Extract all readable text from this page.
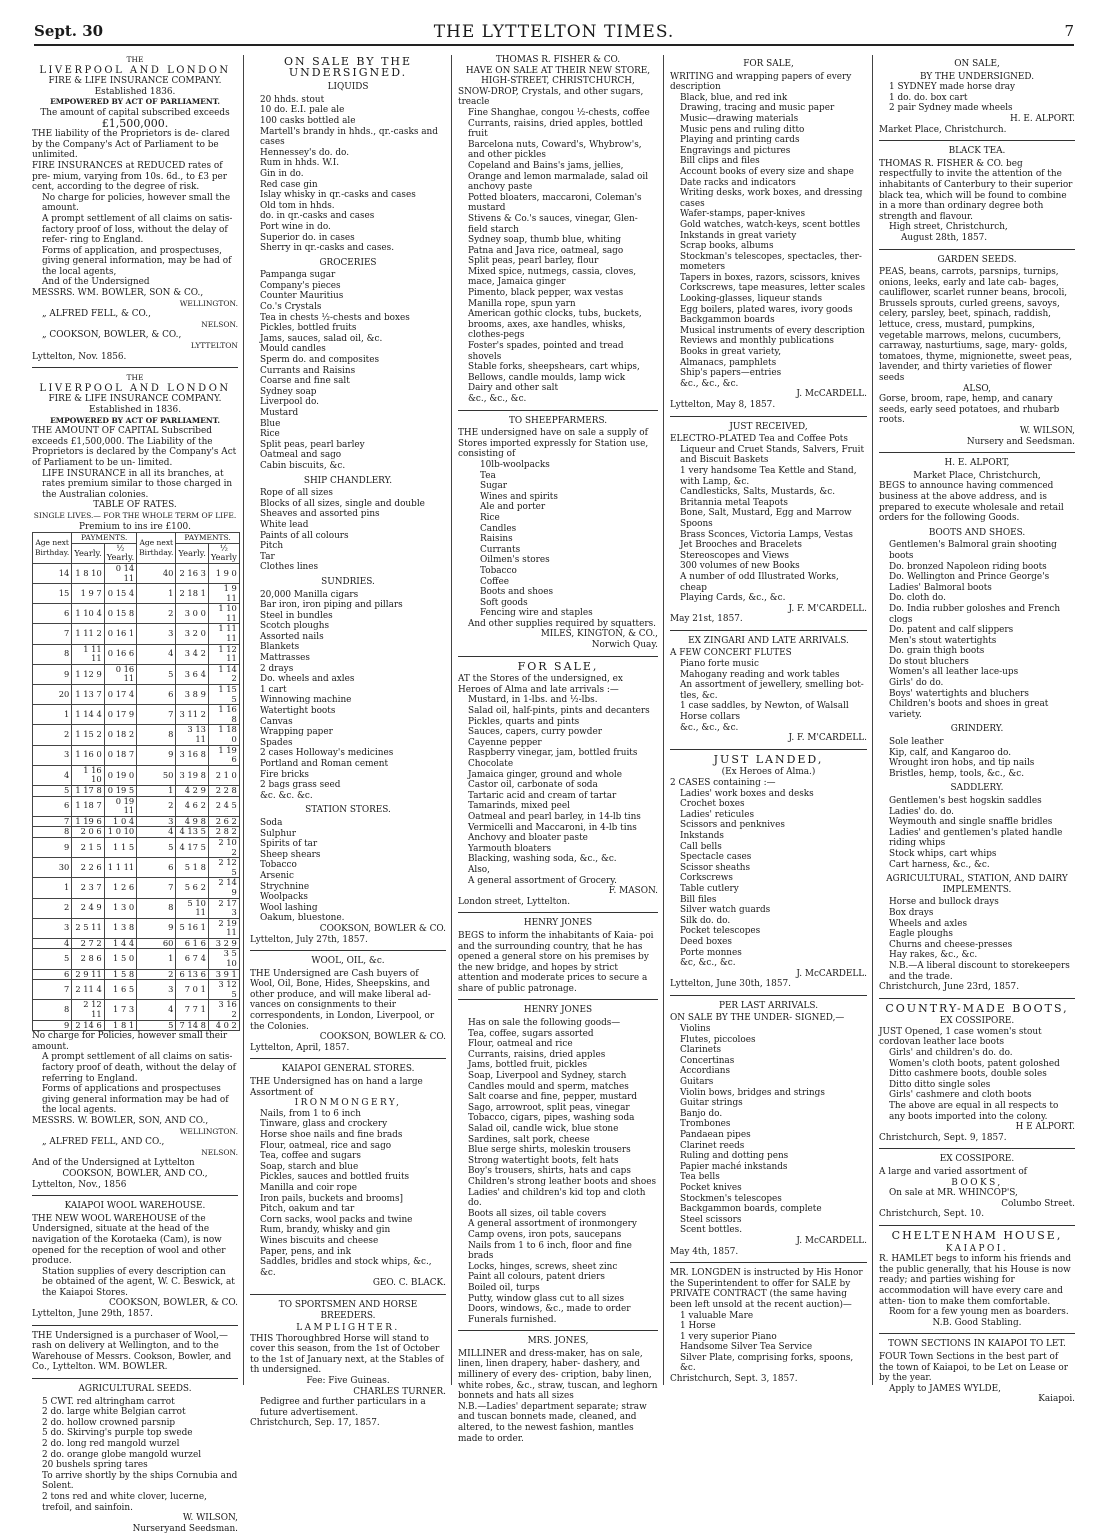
Sept. 30	THE LYTTELTON TIMES.	7

THE

LIVERPOOL AND LONDON

FIRE & LIFE INSURANCE COMPANY.

Established 1836.

EMPOWERED BY ACT OF PARLIAMENT.

The amount of capital subscribed exceeds

£1,500,000.

THE liability of the Proprietors is de- clared by the Company's Act of Parliament to be unlimited.

FIRE INSURANCES at REDUCED rates of pre- mium, varying from 10s. 6d., to £3 per cent, according to the degree of risk.

No charge for policies, however small the amount.

A prompt settlement of all claims on satis- factory proof of loss, without the delay of refer- ring to England.

Forms of application, and prospectuses, giving general information, may be had of the local agents,

And of the Undersigned

MESSRS. WM. BOWLER, SON & CO.,

WELLINGTON.

„ ALFRED FELL, & CO.,

NELSON.

„ COOKSON, BOWLER, & CO.,

LYTTELTON

Lyttelton, Nov. 1856.

THE

LIVERPOOL AND LONDON

FIRE & LIFE INSURANCE COMPANY.

Established in 1836.

EMPOWERED BY ACT OF PARLIAMENT.

THE AMOUNT OF CAPITAL Subscribed exceeds £1,500,000. The Liability of the Proprietors is declared by the Company's Act of Parliament to be un- limited.

LIFE INSURANCE in all its branches, at rates premium similar to those charged in the Australian colonies.

TABLE OF RATES.

SINGLE LIVES.— FOR THE WHOLE TERM OF LIFE.

Premium to ins ire £100.

Age next Birthday.	PAYMENTS.		Age next Birthday.	PAYMENTS.	
	Yearly.	½ Yearly.		Yearly.	½ Yearly
14	1 8 10	0 14 11	40	2 16 3	1 9 0
15	1 9 7	0 15 4	1	2 18 1	1 9 11
6	1 10 4	0 15 8	2	3 0 0	1 10 11
7	1 11 2	0 16 1	3	3 2 0	1 11 11
8	1 11 11	0 16 6	4	3 4 2	1 12 11
9	1 12 9	0 16 11	5	3 6 4	1 14 2
20	1 13 7	0 17 4	6	3 8 9	1 15 5
1	1 14 4	0 17 9	7	3 11 2	1 16 8
2	1 15 2	0 18 2	8	3 13 11	1 18 0
3	1 16 0	0 18 7	9	3 16 8	1 19 6
4	1 16 10	0 19 0	50	3 19 8	2 1 0
5	1 17 8	0 19 5	1	4 2 9	2 2 8
6	1 18 7	0 19 11	2	4 6 2	2 4 5
7	1 19 6	1 0 4	3	4 9 8	2 6 2
8	2 0 6	1 0 10	4	4 13 5	2 8 2
9	2 1 5	1 1 5	5	4 17 5	2 10 2
30	2 2 6	1 1 11	6	5 1 8	2 12 5
1	2 3 7	1 2 6	7	5 6 2	2 14 9
2	2 4 9	1 3 0	8	5 10 11	2 17 3
3	2 5 11	1 3 8	9	5 16 1	2 19 11
4	2 7 2	1 4 4	60	6 1 6	3 2 9
5	2 8 6	1 5 0	1	6 7 4	3 5 10
6	2 9 11	1 5 8	2	6 13 6	3 9 1
7	2 11 4	1 6 5	3	7 0 1	3 12 5
8	2 12 11	1 7 3	4	7 7 1	3 16 2
9	2 14 6	1 8 1	5	7 14 8	4 0 2

No charge for Policies, however small their amount.

A prompt settlement of all claims on satis- factory proof of death, without the delay of referring to England.

Forms of applications and prospectuses giving general information may be had of the local agents.

MESSRS. W. BOWLER, SON, AND CO.,

WELLINGTON.

„ ALFRED FELL, AND CO.,

NELSON.

And of the Undersigned at Lyttelton

COOKSON, BOWLER, AND CO.,

Lyttelton, Nov., 1856

KAIAPOI WOOL WAREHOUSE.

THE NEW WOOL WAREHOUSE of the Undersigned, situate at the head of the navigation of the Korotaeka (Cam), is now opened for the reception of wool and other produce.

Station supplies of every description can be obtained of the agent, W. C. Beswick, at the Kaiapoi Stores.

COOKSON, BOWLER, & CO.

Lyttelton, June 29th, 1857.

THE Undersigned is a purchaser of Wool,—rash on delivery at Wellington, and to the Warehouse of Messrs. Cookson, Bowler, and Co., Lyttelton. WM. BOWLER.

AGRICULTURAL SEEDS.

5 CWT. red altringham carrot

2 do. large white Belgian carrot

2 do. hollow crowned parsnip

5 do. Skirving's purple top swede

2 do. long red mangold wurzel

2 do. orange globe mangold wurzel

20 bushels spring tares

To arrive shortly by the ships Cornubia and Solent.

2 tons red and white clover, lucerne, trefoil, and sainfoin.

W. WILSON,

Nurseryand Seedsman.

ON SALE BY THE UNDERSIGNED.

LIQUIDS

20 hhds. stout

10 do. E.I. pale ale

100 casks bottled ale

Martell's brandy in hhds., qr.-casks and cases

Hennessey's do. do.

Rum in hhds. W.I.

Gin in do.

Red case gin

Islay whisky in qr.-casks and cases

Old tom in hhds.

do. in qr.-casks and cases

Port wine in do.

Superior do. in cases

Sherry in qr.-casks and cases.

GROCERIES

Pampanga sugar

Company's pieces

Counter Mauritius

Co.'s Crystals

Tea in chests ½-chests and boxes

Pickles, bottled fruits

Jams, sauces, salad oil, &c.

Mould candles

Sperm do. and composites

Currants and Raisins

Coarse and fine salt

Sydney soap

Liverpool do.

Mustard

Blue

Rice

Split peas, pearl barley

Oatmeal and sago

Cabin biscuits, &c.

SHIP CHANDLERY.

Rope of all sizes

Blocks of all sizes, single and double

Sheaves and assorted pins

White lead

Paints of all colours

Pitch

Tar

Clothes lines

SUNDRIES.

20,000 Manilla cigars

Bar iron, iron piping and pillars

Steel in bundles

Scotch ploughs

Assorted nails

Blankets

Mattrasses

2 drays

Do. wheels and axles

1 cart

Winnowing machine

Watertight boots

Canvas

Wrapping paper

Spades

2 cases Holloway's medicines

Portland and Roman cement

Fire bricks

2 bags grass seed

&c. &c. &c.

STATION STORES.

Soda

Sulphur

Spirits of tar

Sheep shears

Tobacco

Arsenic

Strychnine

Woolpacks

Wool lashing

Oakum, bluestone.

COOKSON, BOWLER & CO.

Lyttelton, July 27th, 1857.

WOOL, OIL, &c.

THE Undersigned are Cash buyers of Wool, Oil, Bone, Hides, Sheepskins, and other produce, and will make liberal ad- vances on consignments to their correspondents, in London, Liverpool, or the Colonies.

COOKSON, BOWLER & CO.

Lyttelton, April, 1857.

KAIAPOI GENERAL STORES.

THE Undersigned has on hand a large Assortment of

IRONMONGERY,

Nails, from 1 to 6 inch

Tinware, glass and crockery

Horse shoe nails and fine brads

Flour, oatmeal, rice and sago

Tea, coffee and sugars

Soap, starch and blue

Pickles, sauces and bottled fruits

Manilla and coir rope

Iron pails, buckets and brooms]

Pitch, oakum and tar

Corn sacks, wool packs and twine

Rum, brandy, whisky and gin

Wines biscuits and cheese

Paper, pens, and ink

Saddles, bridles and stock whips, &c., &c.

GEO. C. BLACK.

TO SPORTSMEN AND HORSE BREEDERS.

LAMPLIGHTER.

THIS Thoroughbred Horse will stand to cover this season, from the 1st of October to the 1st of January next, at the Stables of th undersigned.

Fee: Five Guineas.

CHARLES TURNER.

Pedigree and further particulars in a future advertisement.

Christchurch, Sep. 17, 1857.

THOMAS R. FISHER & CO.

HAVE ON SALE AT THEIR NEW STORE,

HIGH-STREET, CHRISTCHURCH,

SNOW-DROP, Crystals, and other sugars, treacle

Fine Shanghae, congou ½-chests, coffee

Currants, raisins, dried apples, bottled fruit

Barcelona nuts, Coward's, Whybrow's, and other pickles

Copeland and Bains's jams, jellies,

Orange and lemon marmalade, salad oil anchovy paste

Potted bloaters, maccaroni, Coleman's mustard

Stivens & Co.'s sauces, vinegar, Glen- field starch

Sydney soap, thumb blue, whiting

Patna and Java rice, oatmeal, sago

Split peas, pearl barley, flour

Mixed spice, nutmegs, cassia, cloves, mace, Jamaica ginger

Pimento, black pepper, wax vestas

Manilla rope, spun yarn

American gothic clocks, tubs, buckets, brooms, axes, axe handles, whisks, clothes-pegs

Foster's spades, pointed and tread shovels

Stable forks, sheepshears, cart whips,

Bellows, candle moulds, lamp wick

Dairy and other salt

&c., &c., &c.

TO SHEEPFARMERS.

THE undersigned have on sale a supply of Stores imported expressly for Station use, consisting of

10lb-woolpacks

Tea

Sugar

Wines and spirits

Ale and porter

Rice

Candles

Raisins

Currants

Oilmen's stores

Tobacco

Coffee

Boots and shoes

Soft goods

Fencing wire and staples

And other supplies required by squatters.

MILES, KINGTON, & CO.,

Norwich Quay.

FOR SALE,

AT the Stores of the undersigned, ex Heroes of Alma and late arrivals :—

Mustard, in 1-lbs. and ½-lbs.

Salad oil, half-pints, pints and decanters

Pickles, quarts and pints

Sauces, capers, curry powder

Cayenne pepper

Raspberry vinegar, jam, bottled fruits

Chocolate

Jamaica ginger, ground and whole

Castor oil, carbonate of soda

Tartaric acid and cream of tartar

Tamarinds, mixed peel

Oatmeal and pearl barley, in 14-lb tins

Vermicelli and Maccaroni, in 4-lb tins

Anchovy and bloater paste

Yarmouth bloaters

Blacking, washing soda, &c., &c.

Also,

A general assortment of Grocery.

F. MASON.

London street, Lyttelton.

HENRY JONES

BEGS to inform the inhabitants of Kaia- poi and the surrounding country, that he has opened a general store on his premises by the new bridge, and hopes by strict attention and moderate prices to secure a share of public patronage.

HENRY JONES

Has on sale the following goods—

Tea, coffee, sugars assorted

Flour, oatmeal and rice

Currants, raisins, dried apples

Jams, bottled fruit, pickles

Soap, Liverpool and Sydney, starch

Candles mould and sperm, matches

Salt coarse and fine, pepper, mustard

Sago, arrowroot, split peas, vinegar

Tobacco, cigars, pipes, washing soda

Salad oil, candle wick, blue stone

Sardines, salt pork, cheese

Blue serge shirts, moleskin trousers

Strong watertight boots, felt hats

Boy's trousers, shirts, hats and caps

Children's strong leather boots and shoes

Ladies' and children's kid top and cloth do.

Boots all sizes, oil table covers

A general assortment of ironmongery

Camp ovens, iron pots, saucepans

Nails from 1 to 6 inch, floor and fine brads

Locks, hinges, screws, sheet zinc

Paint all colours, patent driers

Boiled oil, turps

Putty, window glass cut to all sizes

Doors, windows, &c., made to order

Funerals furnished.

MRS. JONES,

MILLINER and dress-maker, has on sale, linen, linen drapery, haber- dashery, and millinery of every des- cription, baby linen, white robes, &c., straw, tuscan, and leghorn bonnets and hats all sizes

N.B.—Ladies' department separate; straw and tuscan bonnets made, cleaned, and altered, to the newest fashion, mantles made to order.

FOR SALE,

WRITING and wrapping papers of every description

Black, blue, and red ink

Drawing, tracing and music paper

Music—drawing materials

Music pens and ruling ditto

Playing and printing cards

Engravings and pictures

Bill clips and files

Account books of every size and shape

Date racks and indicators

Writing desks, work boxes, and dressing cases

Wafer-stamps, paper-knives

Gold watches, watch-keys, scent bottles

Inkstands in great variety

Scrap books, albums

Stockman's telescopes, spectacles, ther- mometers

Tapers in boxes, razors, scissors, knives

Corkscrews, tape measures, letter scales

Looking-glasses, liqueur stands

Egg boilers, plated wares, ivory goods

Backgammon boards

Musical instruments of every description

Reviews and monthly publications

Books in great variety,

Almanacs, pamphlets

Ship's papers—entries

&c., &c., &c.

J. McCARDELL.

Lyttelton, May 8, 1857.

JUST RECEIVED,

ELECTRO-PLATED Tea and Coffee Pots

Liqueur and Cruet Stands, Salvers, Fruit and Biscuit Baskets

1 very handsome Tea Kettle and Stand, with Lamp, &c.

Candlesticks, Salts, Mustards, &c.

Britannia metal Teapots

Bone, Salt, Mustard, Egg and Marrow Spoons

Brass Sconces, Victoria Lamps, Vestas

Jet Brooches and Bracelets

Stereoscopes and Views

300 volumes of new Books

A number of odd Illustrated Works, cheap

Playing Cards, &c., &c.

J. F. M'CARDELL.

May 21st, 1857.

EX ZINGARI AND LATE ARRIVALS.

A FEW CONCERT FLUTES

Piano forte music

Mahogany reading and work tables

An assortment of jewellery, smelling bot- tles, &c.

1 case saddles, by Newton, of Walsall

Horse collars

&c., &c., &c.

J. F. M'CARDELL.

JUST LANDED,

(Ex Heroes of Alma.)

2 CASES containing :—

Ladies' work boxes and desks

Crochet boxes

Ladies' reticules

Scissors and penknives

Inkstands

Call bells

Spectacle cases

Scissor sheaths

Corkscrews

Table cutlery

Bill files

Silver watch guards

Silk do. do.

Pocket telescopes

Deed boxes

Porte monnes

&c, &c., &c.

J. McCARDELL.

Lyttelton, June 30th, 1857.

PER LAST ARRIVALS.

ON SALE BY THE UNDER- SIGNED,—

Violins

Flutes, piccoloes

Clarinets

Concertinas

Accordians

Guitars

Violin bows, bridges and strings

Guitar strings

Banjo do.

Trombones

Pandaean pipes

Clarinet reeds

Ruling and dotting pens

Papier maché inkstands

Tea bells

Pocket knives

Stockmen's telescopes

Backgammon boards, complete

Steel scissors

Scent bottles.

J. McCARDELL.

May 4th, 1857.

MR. LONGDEN is instructed by His Honor the Superintendent to offer for SALE by PRIVATE CONTRACT (the same having been left unsold at the recent auction)—

1 valuable Mare

1 Horse

1 very superior Piano

Handsome Silver Tea Service

Silver Plate, comprising forks, spoons, &c.

Christchurch, Sept. 3, 1857.

ON SALE,

BY THE UNDERSIGNED.

1 SYDNEY made horse dray

1 do. do. box cart

2 pair Sydney made wheels

H. E. ALPORT.

Market Place, Christchurch.

BLACK TEA.

THOMAS R. FISHER & CO. beg respectfully to invite the attention of the inhabitants of Canterbury to their superior black tea, which will be found to combine in a more than ordinary degree both strength and flavour.

High street, Christchurch,

August 28th, 1857.

GARDEN SEEDS.

PEAS, beans, carrots, parsnips, turnips, onions, leeks, early and late cab- bages, cauliflower, scarlet runner beans, brocoli, Brussels sprouts, curled greens, savoys, celery, parsley, beet, spinach, raddish, lettuce, cress, mustard, pumpkins, vegetable marrows, melons, cucumbers, carraway, nasturtiums, sage, mary- golds, tomatoes, thyme, mignionette, sweet peas, lavender, and thirty varieties of flower seeds

ALSO,

Gorse, broom, rape, hemp, and canary seeds, early seed potatoes, and rhubarb roots.

W. WILSON,

Nursery and Seedsman.

H. E. ALPORT,

Market Place, Christchurch,

BEGS to announce having commenced business at the above address, and is prepared to execute wholesale and retail orders for the following Goods.

BOOTS AND SHOES.

Gentlemen's Balmoral grain shooting boots

Do. bronzed Napoleon riding boots

Do. Wellington and Prince George's

Ladies' Balmoral boots

Do. cloth do.

Do. India rubber goloshes and French clogs

Do. patent and calf slippers

Men's stout watertights

Do. grain thigh boots

Do stout bluchers

Women's all leather lace-ups

Girls' do do.

Boys' watertights and bluchers

Children's boots and shoes in great variety.

GRINDERY.

Sole leather

Kip, calf, and Kangaroo do.

Wrought iron hobs, and tip nails

Bristles, hemp, tools, &c., &c.

SADDLERY.

Gentlemen's best hogskin saddles

Ladies' do. do.

Weymouth and single snaffle bridles

Ladies' and gentlemen's plated handle riding whips

Stock whips, cart whips

Cart harness, &c., &c.

AGRICULTURAL, STATION, AND DAIRY IMPLEMENTS.

Horse and bullock drays

Box drays

Wheels and axles

Eagle ploughs

Churns and cheese-presses

Hay rakes, &c., &c.

N.B.—A liberal discount to storekeepers and the trade.

Christchurch, June 23rd, 1857.

COUNTRY-MADE BOOTS,

EX COSSIPORE.

JUST Opened, 1 case women's stout cordovan leather lace boots

Girls' and children's do. do.

Women's cloth boots, patent goloshed

Ditto cashmere boots, double soles

Ditto ditto single soles

Girls' cashmere and cloth boots

The above are equal in all respects to any boots imported into the colony.

H E ALPORT.

Christchurch, Sept. 9, 1857.

EX COSSIPORE.

A large and varied assortment of

BOOKS,

On sale at MR. WHINCOP'S,

Columbo Street.

Christchurch, Sept. 10.

CHELTENHAM HOUSE,

KAIAPOI.

R. HAMLET begs to inform his friends and the public generally, that his House is now ready; and parties wishing for accommodation will have every care and atten- tion to make them comfortable.

Room for a few young men as boarders.

N.B. Good Stabling.

TOWN SECTIONS IN KAIAPOI TO LET.

FOUR Town Sections in the best part of the town of Kaiapoi, to be Let on Lease or by the year.

Apply to JAMES WYLDE,

Kaiapoi.
